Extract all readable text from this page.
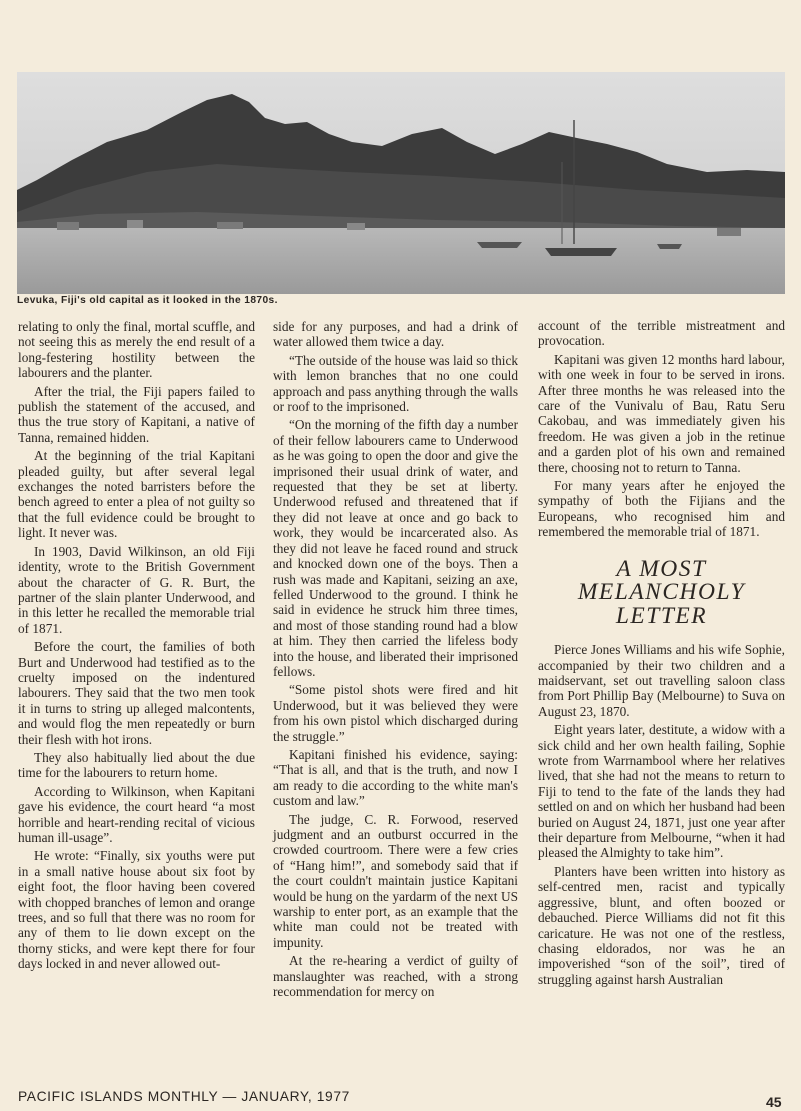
Levuka, Fiji's old capital as it looked in the 1870s.

relating to only the final, mortal scuffle, and not seeing this as merely the end result of a long-festering hostility between the labourers and the planter.

After the trial, the Fiji papers failed to publish the statement of the accused, and thus the true story of Kapitani, a native of Tanna, remained hidden.

At the beginning of the trial Kapitani pleaded guilty, but after several legal exchanges the noted barristers before the bench agreed to enter a plea of not guilty so that the full evidence could be brought to light. It never was.

In 1903, David Wilkinson, an old Fiji identity, wrote to the British Government about the character of G. R. Burt, the partner of the slain planter Underwood, and in this letter he recalled the memorable trial of 1871.

Before the court, the families of both Burt and Underwood had testified as to the cruelty imposed on the indentured labourers. They said that the two men took it in turns to string up alleged malcontents, and would flog the men repeatedly or burn their flesh with hot irons.

They also habitually lied about the due time for the labourers to return home.

According to Wilkinson, when Kapitani gave his evidence, the court heard “a most horrible and heart-rending recital of vicious human ill-usage”.

He wrote: “Finally, six youths were put in a small native house about six foot by eight foot, the floor having been covered with chopped branches of lemon and orange trees, and so full that there was no room for any of them to lie down except on the thorny sticks, and were kept there for four days locked in and never allowed out-

side for any purposes, and had a drink of water allowed them twice a day.

“The outside of the house was laid so thick with lemon branches that no one could approach and pass anything through the walls or roof to the imprisoned.

“On the morning of the fifth day a number of their fellow labourers came to Underwood as he was going to open the door and give the imprisoned their usual drink of water, and requested that they be set at liberty. Underwood refused and threatened that if they did not leave at once and go back to work, they would be incarcerated also. As they did not leave he faced round and struck and knocked down one of the boys. Then a rush was made and Kapitani, seizing an axe, felled Underwood to the ground. I think he said in evidence he struck him three times, and most of those standing round had a blow at him. They then carried the lifeless body into the house, and liberated their imprisoned fellows.

“Some pistol shots were fired and hit Underwood, but it was believed they were from his own pistol which discharged during the struggle.”

Kapitani finished his evidence, saying: “That is all, and that is the truth, and now I am ready to die according to the white man's custom and law.”

The judge, C. R. Forwood, reserved judgment and an outburst occurred in the crowded courtroom. There were a few cries of “Hang him!”, and somebody said that if the court couldn't maintain justice Kapitani would be hung on the yardarm of the next US warship to enter port, as an example that the white man could not be treated with impunity.

At the re-hearing a verdict of guilty of manslaughter was reached, with a strong recommendation for mercy on

account of the terrible mistreatment and provocation.

Kapitani was given 12 months hard labour, with one week in four to be served in irons. After three months he was released into the care of the Vunivalu of Bau, Ratu Seru Cakobau, and was immediately given his freedom. He was given a job in the retinue and a garden plot of his own and remained there, choosing not to return to Tanna.

For many years after he enjoyed the sympathy of both the Fijians and the Europeans, who recognised him and remembered the memorable trial of 1871.

A MOST
MELANCHOLY
LETTER

Pierce Jones Williams and his wife Sophie, accompanied by their two children and a maidservant, set out travelling saloon class from Port Phillip Bay (Melbourne) to Suva on August 23, 1870.

Eight years later, destitute, a widow with a sick child and her own health failing, Sophie wrote from Warrnambool where her relatives lived, that she had not the means to return to Fiji to tend to the fate of the lands they had settled on and on which her husband had been buried on August 24, 1871, just one year after their departure from Melbourne, “when it had pleased the Almighty to take him”.

Planters have been written into history as self-centred men, racist and typically aggressive, blunt, and often boozed or debauched. Pierce Williams did not fit this caricature. He was not one of the restless, chasing eldorados, nor was he an impoverished “son of the soil”, tired of struggling against harsh Australian

PACIFIC ISLANDS MONTHLY — JANUARY, 1977	45
